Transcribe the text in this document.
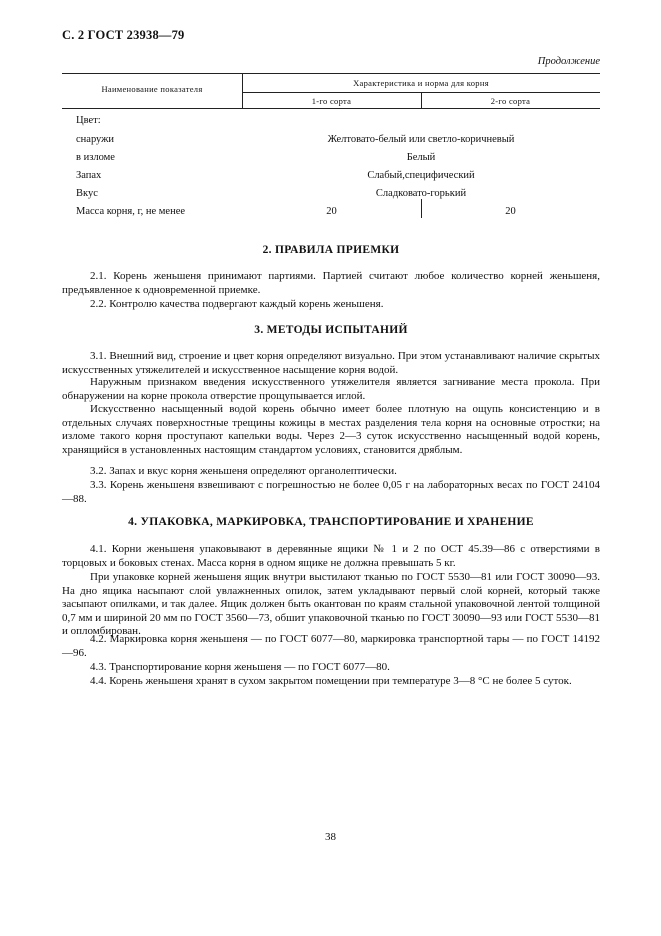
С. 2 ГОСТ 23938—79
Продолжение
Наименование показателя
Характеристика и норма для корня
1-го сорта	2-го сорта
Цвет:
снаружи	Желтовато-белый или светло-коричневый
в изломе	Белый
Запах	Слабый,специфический
Вкус	Сладковато-горький
Масса корня, г, не менее	20	20
2. ПРАВИЛА ПРИЕМКИ
2.1. Корень женьшеня принимают партиями. Партией считают любое количество корней женьшеня, предъявленное к одновременной приемке.
2.2. Контролю качества подвергают каждый корень женьшеня.
3. МЕТОДЫ ИСПЫТАНИЙ
3.1. Внешний вид, строение и цвет корня определяют визуально. При этом устанавливают наличие скрытых искусственных утяжелителей и искусственное насыщение корня водой.
Наружным признаком введения искусственного утяжелителя является загнивание места прокола. При обнаружении на корне прокола отверстие прощупывается иглой.
Искусственно насыщенный водой корень обычно имеет более плотную на ощупь консистенцию и в отдельных случаях поверхностные трещины кожицы в местах разделения тела корня на основные отростки; на изломе такого корня проступают капельки воды. Через 2—3 суток искусственно насыщенный водой корень, хранящийся в установленных настоящим стандартом условиях, становится дряблым.
3.2. Запах и вкус корня женьшеня определяют органолептически.
3.3. Корень женьшеня взвешивают с погрешностью не более 0,05 г на лабораторных весах по ГОСТ 24104—88.
4. УПАКОВКА, МАРКИРОВКА, ТРАНСПОРТИРОВАНИЕ И ХРАНЕНИЕ
4.1. Корни женьшеня упаковывают в деревянные ящики № 1 и 2 по ОСТ 45.39—86 с отверстиями в торцовых и боковых стенах. Масса корня в одном ящике не должна превышать 5 кг.
При упаковке корней женьшеня ящик внутри выстилают тканью по ГОСТ 5530—81 или ГОСТ 30090—93. На дно ящика насыпают слой увлажненных опилок, затем укладывают первый слой корней, который также засыпают опилками, и так далее. Ящик должен быть окантован по краям стальной упаковочной лентой толщиной 0,7 мм и шириной 20 мм по ГОСТ 3560—73, обшит упаковочной тканью по ГОСТ 30090—93 или ГОСТ 5530—81 и опломбирован.
4.2. Маркировка корня женьшеня — по ГОСТ 6077—80, маркировка транспортной тары — по ГОСТ 14192—96.
4.3. Транспортирование корня женьшеня — по ГОСТ 6077—80.
4.4. Корень женьшеня хранят в сухом закрытом помещении при температуре 3—8 °С не более 5 суток.
38
